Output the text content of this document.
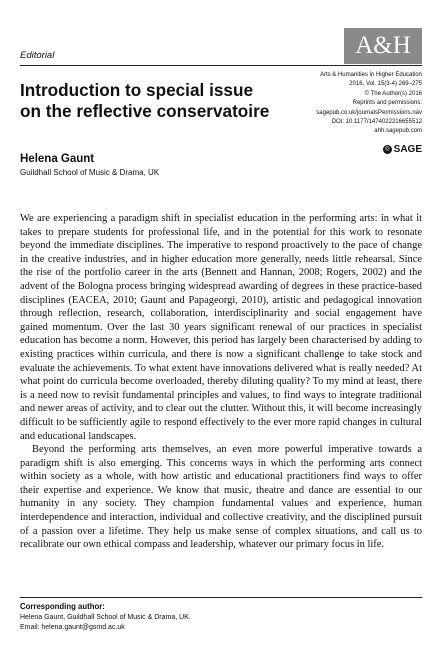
Editorial	A&H
Arts & Humanities in Higher Education
2016, Vol. 15(3-4) 269–275
© The Author(s) 2016
Reprints and permissions:
sagepub.co.uk/journalsPermissions.nav
DOI: 10.1177/1474022216655512
ahh.sagepub.com
◎ SAGE
Introduction to special issue on the reflective conservatoire
Helena Gaunt
Guildhall School of Music & Drama, UK

We are experiencing a paradigm shift in specialist education in the performing arts: in what it takes to prepare students for professional life, and in the potential for this work to resonate beyond the immediate disciplines. The imperative to respond proactively to the pace of change in the creative industries, and in higher education more generally, needs little rehearsal. Since the rise of the portfolio career in the arts (Bennett and Hannan, 2008; Rogers, 2002) and the advent of the Bologna process bringing widespread awarding of degrees in these practice-based disciplines (EACEA, 2010; Gaunt and Papageorgi, 2010), artistic and pedagogical innovation through reflection, research, collaboration, interdisciplinarity and social engagement have gained momentum. Over the last 30 years significant renewal of our practices in specialist education has become a norm. However, this period has largely been characterised by adding to existing practices within curricula, and there is now a significant challenge to take stock and evaluate the achievements. To what extent have innovations delivered what is really needed? At what point do curricula become overloaded, thereby diluting quality? To my mind at least, there is a need now to revisit fundamental principles and values, to find ways to integrate traditional and newer areas of activity, and to clear out the clutter. Without this, it will become increasingly difficult to be sufficiently agile to respond effectively to the ever more rapid changes in cultural and educational landscapes.

Beyond the performing arts themselves, an even more powerful imperative towards a paradigm shift is also emerging. This concerns ways in which the performing arts connect within society as a whole, with how artistic and educational practitioners find ways to offer their expertise and experience. We know that music, theatre and dance are essential to our humanity in any society. They champion fundamental values and experience, human interdependence and interaction, individual and collective creativity, and the disciplined pursuit of a passion over a lifetime. They help us make sense of complex situations, and call us to recalibrate our own ethical compass and leadership, whatever our primary focus in life.

Corresponding author:
Helena Gaunt, Guildhall School of Music & Drama, UK.
Email: helena.gaunt@gsmd.ac.uk
